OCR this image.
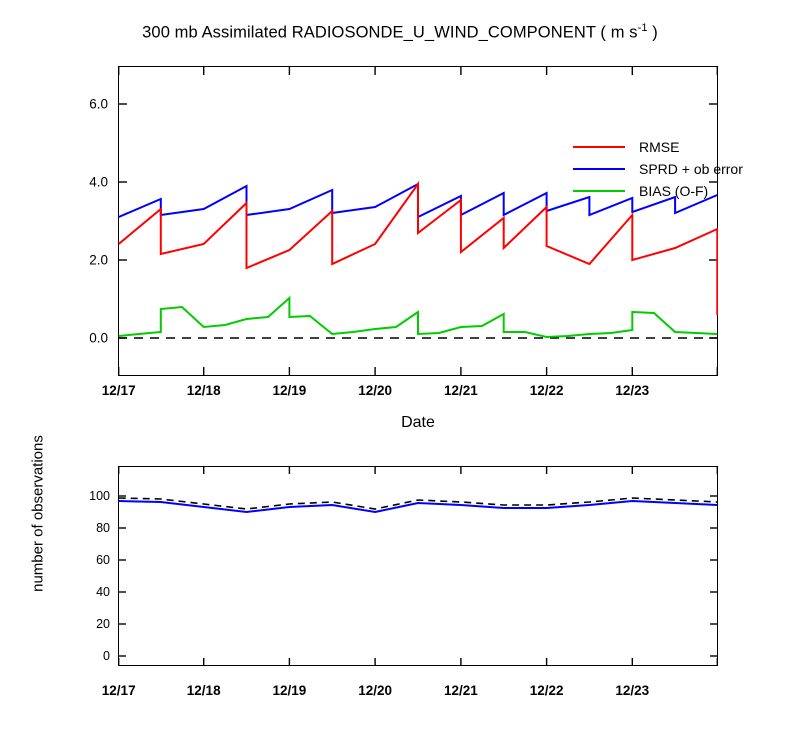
300 mb Assimilated RADIOSONDE_U_WIND_COMPONENT ( m $s^{-1}$ )
6.0
4.0
2.0
0.0
RMSE
SPRD + ob error
BIAS (O-F)
12/17	12/18	12/19	12/20	12/21	12/22	12/23
Date
100
80
60
40
20
0
number of observations
12/17	12/18	12/19	12/20	12/21	12/22	12/23
